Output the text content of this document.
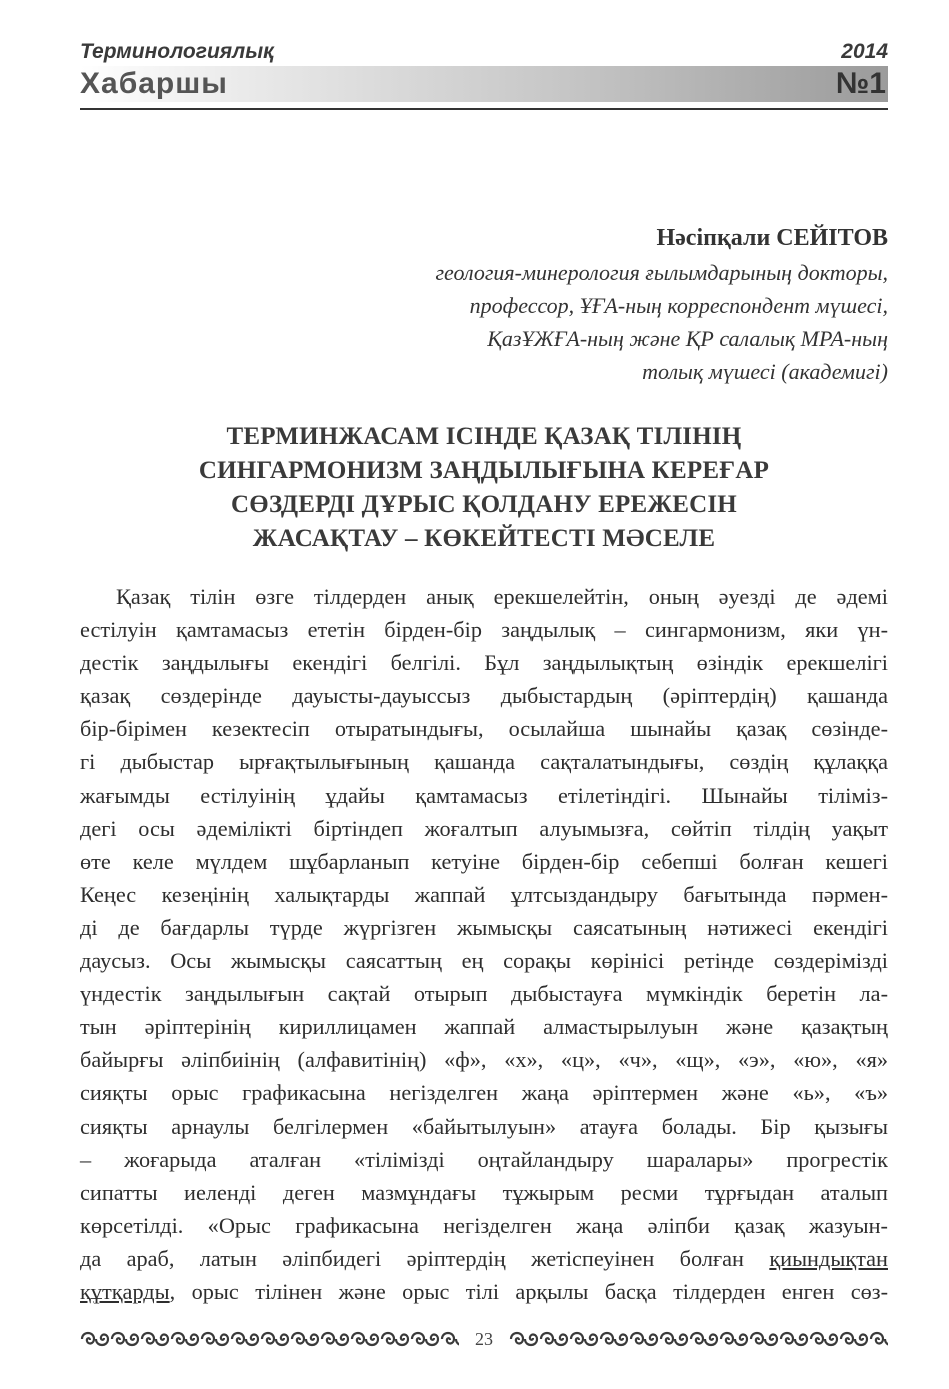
Терминологиялық	2014
Хабаршы	№1
Нәсіпқали СЕЙІТОВ
геология-минерология ғылымдарының докторы,
профессор, ҰҒА-ның корреспондент мүшесі,
ҚазҰЖҒА-ның және ҚР салалық МРА-ның
толық мүшесі (академигі)
ТЕРМИНЖАСАМ ІСІНДЕ ҚАЗАҚ ТІЛІНІҢ
СИНГАРМОНИЗМ ЗАҢДЫЛЫҒЫНА КЕРЕҒАР
СӨЗДЕРДІ ДҰРЫС ҚОЛДАНУ ЕРЕЖЕСІН
ЖАСАҚТАУ – КӨКЕЙТЕСТІ МӘСЕЛЕ
Қазақ тілін өзге тілдерден анық ерекшелейтін, оның әуезді де әдемі
естілуін қамтамасыз ететін бірден-бір заңдылық – сингармонизм, яки үн-
дестік заңдылығы екендігі белгілі. Бұл заңдылықтың өзіндік ерекшелігі
қазақ сөздерінде дауысты-дауыссыз дыбыстардың (әріптердің) қашанда
бір-бірімен кезектесіп отыратындығы, осылайша шынайы қазақ сөзінде-
гі дыбыстар ырғақтылығының қашанда сақталатындығы, сөздің құлаққа
жағымды естілуінің ұдайы қамтамасыз етілетіндігі. Шынайы тіліміз-
дегі осы әдемілікті біртіндеп жоғалтып алуымызға, сөйтіп тілдің уақыт
өте келе мүлдем шұбарланып кетуіне бірден-бір себепші болған кешегі
Кеңес кезеңінің халықтарды жаппай ұлтсыздандыру бағытында пәрмен-
ді де бағдарлы түрде жүргізген жымысқы саясатының нәтижесі екендігі
даусыз. Осы жымысқы саясаттың ең сорақы көрінісі ретінде сөздерімізді
үндестік заңдылығын сақтай отырып дыбыстауға мүмкіндік беретін ла-
тын әріптерінің кириллицамен жаппай алмастырылуын және қазақтың
байырғы әліпбиінің (алфавитінің) «ф», «х», «ц», «ч», «щ», «э», «ю», «я»
сияқты орыс графикасына негізделген жаңа әріптермен және «ь», «ъ»
сияқты арнаулы белгілермен «байытылуын» атауға болады. Бір қызығы
– жоғарыда аталған «тілімізді оңтайландыру шаралары» прогрестік
сипатты иеленді деген мазмұндағы тұжырым ресми тұрғыдан аталып
көрсетілді. «Орыс графикасына негізделген жаңа әліпби қазақ жазуын-
да араб, латын әліпбидегі әріптердің жетіспеуінен болған қиындықтан
құтқарды, орыс тілінен және орыс тілі арқылы басқа тілдерден енген сөз-
23
